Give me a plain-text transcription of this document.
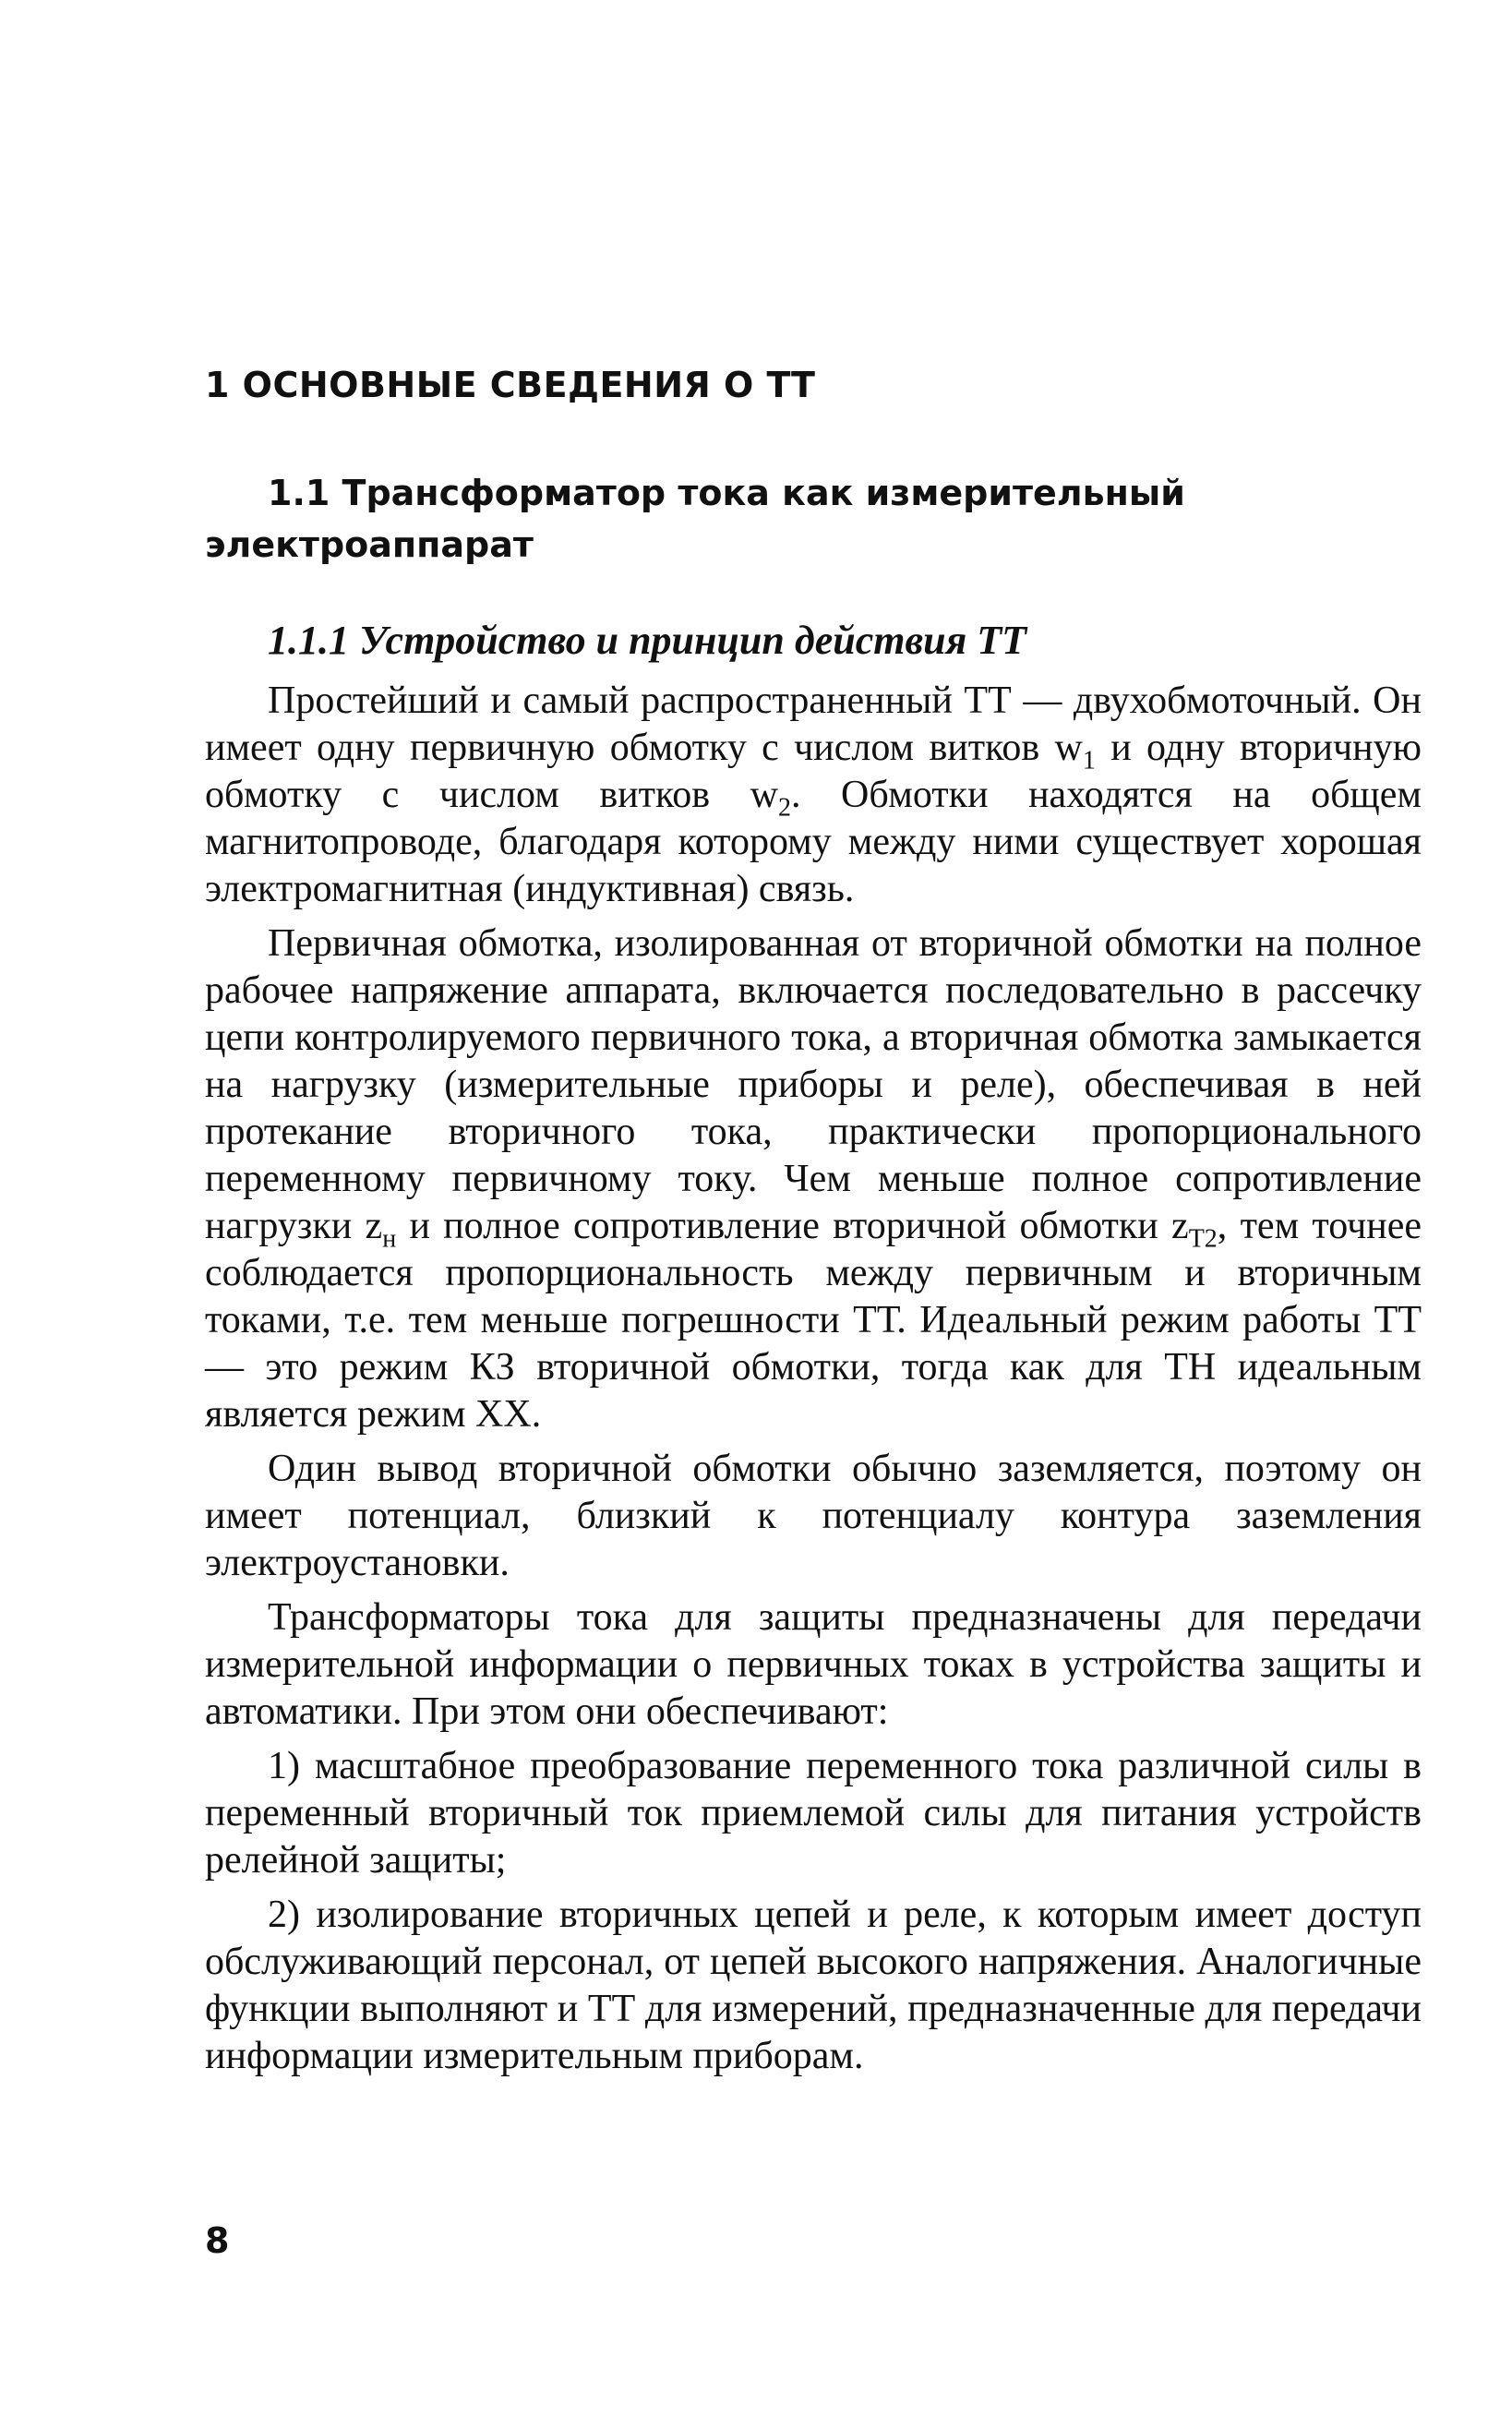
1 ОСНОВНЫЕ СВЕДЕНИЯ О ТТ
1.1 Трансформатор тока как измерительный электроаппарат
1.1.1 Устройство и принцип действия ТТ

Простейший и самый распространенный ТТ — двухобмоточный. Он имеет одну первичную обмотку с числом витков $w_1$ и одну вторичную обмотку с числом витков $w_2$. Обмотки находятся на общем магнитопроводе, благодаря которому между ними существует хорошая электромагнитная (индуктивная) связь.

Первичная обмотка, изолированная от вторичной обмотки на полное рабочее напряжение аппарата, включается последовательно в рассечку цепи контролируемого первичного тока, а вторичная обмотка замыкается на нагрузку (измерительные приборы и реле), обеспечивая в ней протекание вторичного тока, практически пропорционального переменному первичному току. Чем меньше полное сопротивление нагрузки $z_н$ и полное сопротивление вторичной обмотки $z_{Т2}$, тем точнее соблюдается пропорциональность между первичным и вторичным токами, т.е. тем меньше погрешности ТТ. Идеальный режим работы ТТ — это режим КЗ вторичной обмотки, тогда как для ТН идеальным является режим XX.

Один вывод вторичной обмотки обычно заземляется, поэтому он имеет потенциал, близкий к потенциалу контура заземления электроустановки.

Трансформаторы тока для защиты предназначены для передачи измерительной информации о первичных токах в устройства защиты и автоматики. При этом они обеспечивают:

1) масштабное преобразование переменного тока различной силы в переменный вторичный ток приемлемой силы для питания устройств релейной защиты;

2) изолирование вторичных цепей и реле, к которым имеет доступ обслуживающий персонал, от цепей высокого напряжения. Аналогичные функции выполняют и ТТ для измерений, предназначенные для передачи информации измерительным приборам.

8
